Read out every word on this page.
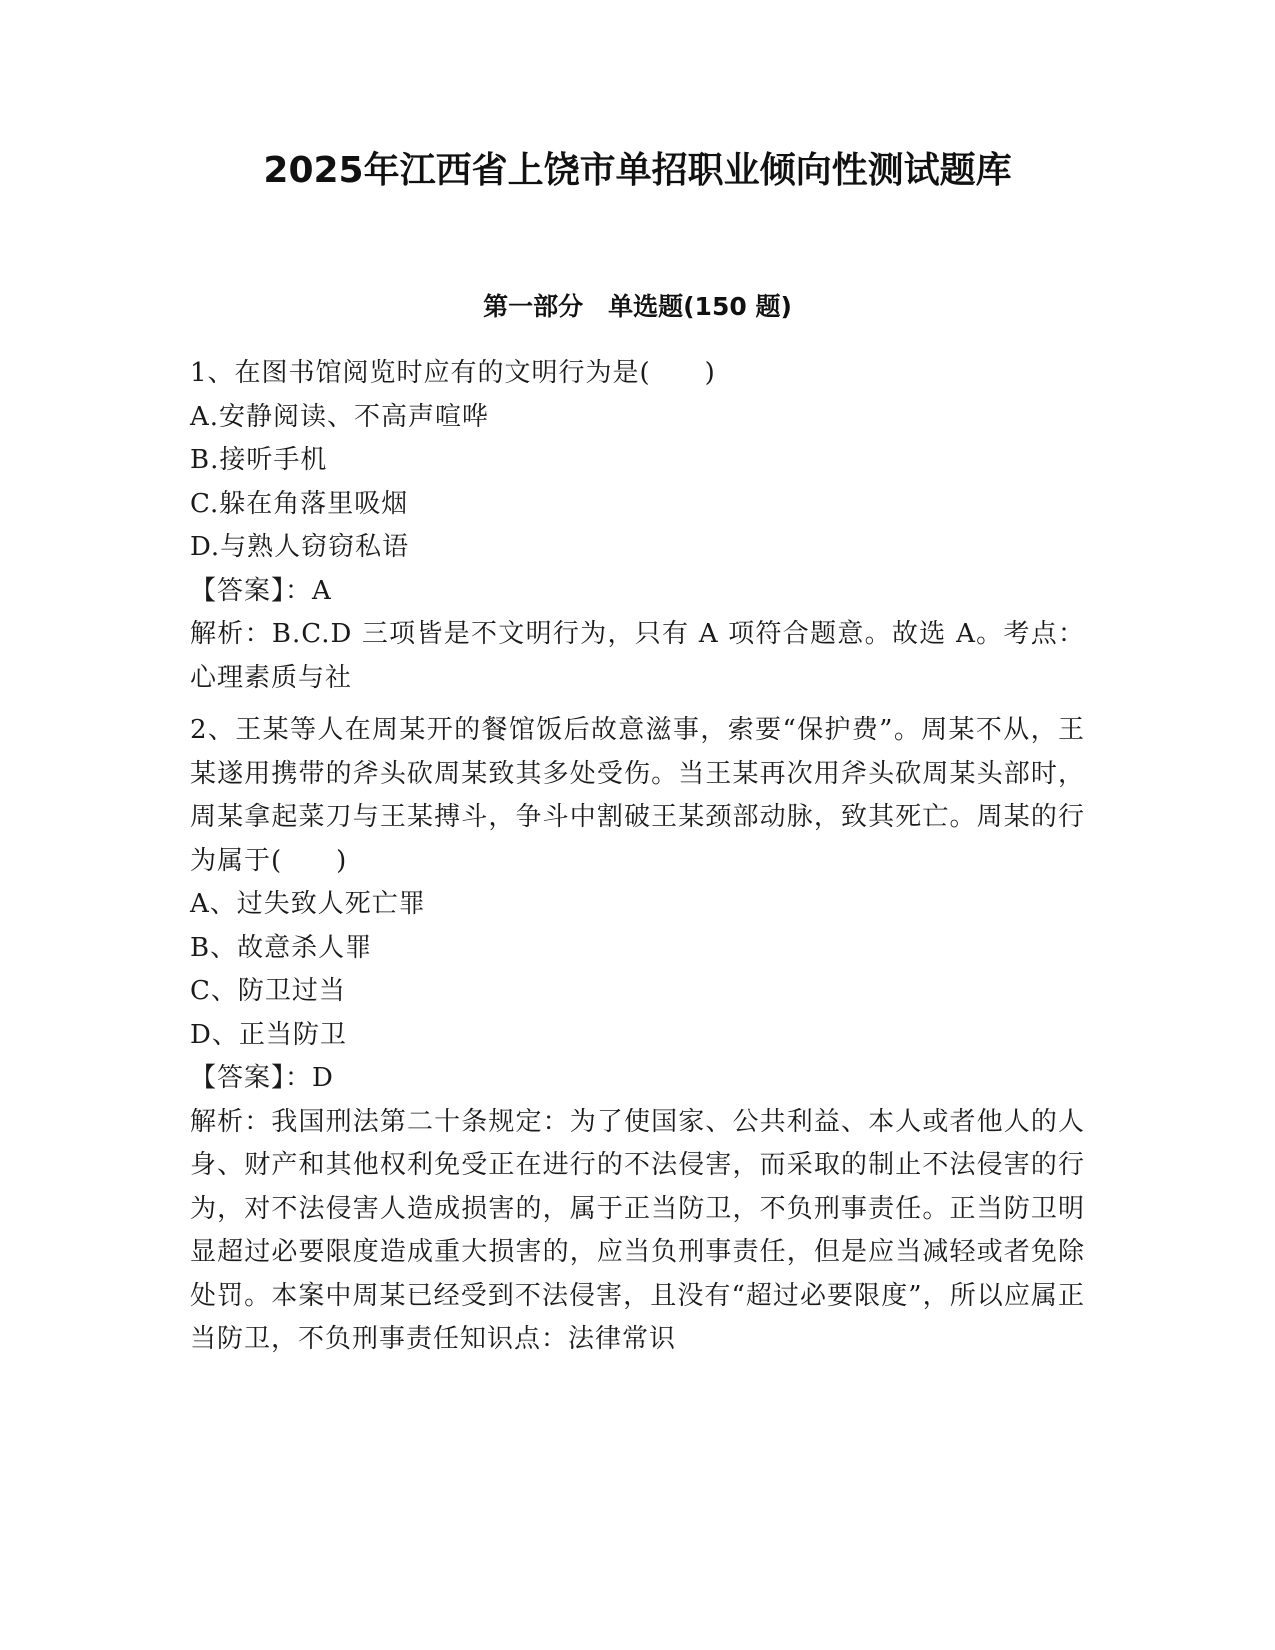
2025年江西省上饶市单招职业倾向性测试题库
第一部分　单选题(150 题)

1、在图书馆阅览时应有的文明行为是(　　)

A.安静阅读、不高声喧哗

B.接听手机

C.躲在角落里吸烟

D.与熟人窃窃私语

【答案】：A

解析：B.C.D 三项皆是不文明行为，只有 A 项符合题意。故选 A。考点：心理素质与社

2、王某等人在周某开的餐馆饭后故意滋事，索要“保护费”。周某不从，王某遂用携带的斧头砍周某致其多处受伤。当王某再次用斧头砍周某头部时，周某拿起菜刀与王某搏斗，争斗中割破王某颈部动脉，致其死亡。周某的行为属于(　　)

A、过失致人死亡罪

B、故意杀人罪

C、防卫过当

D、正当防卫

【答案】：D

解析：我国刑法第二十条规定：为了使国家、公共利益、本人或者他人的人身、财产和其他权利免受正在进行的不法侵害，而采取的制止不法侵害的行为，对不法侵害人造成损害的，属于正当防卫，不负刑事责任。正当防卫明显超过必要限度造成重大损害的，应当负刑事责任，但是应当减轻或者免除处罚。本案中周某已经受到不法侵害，且没有“超过必要限度”，所以应属正当防卫，不负刑事责任知识点：法律常识
